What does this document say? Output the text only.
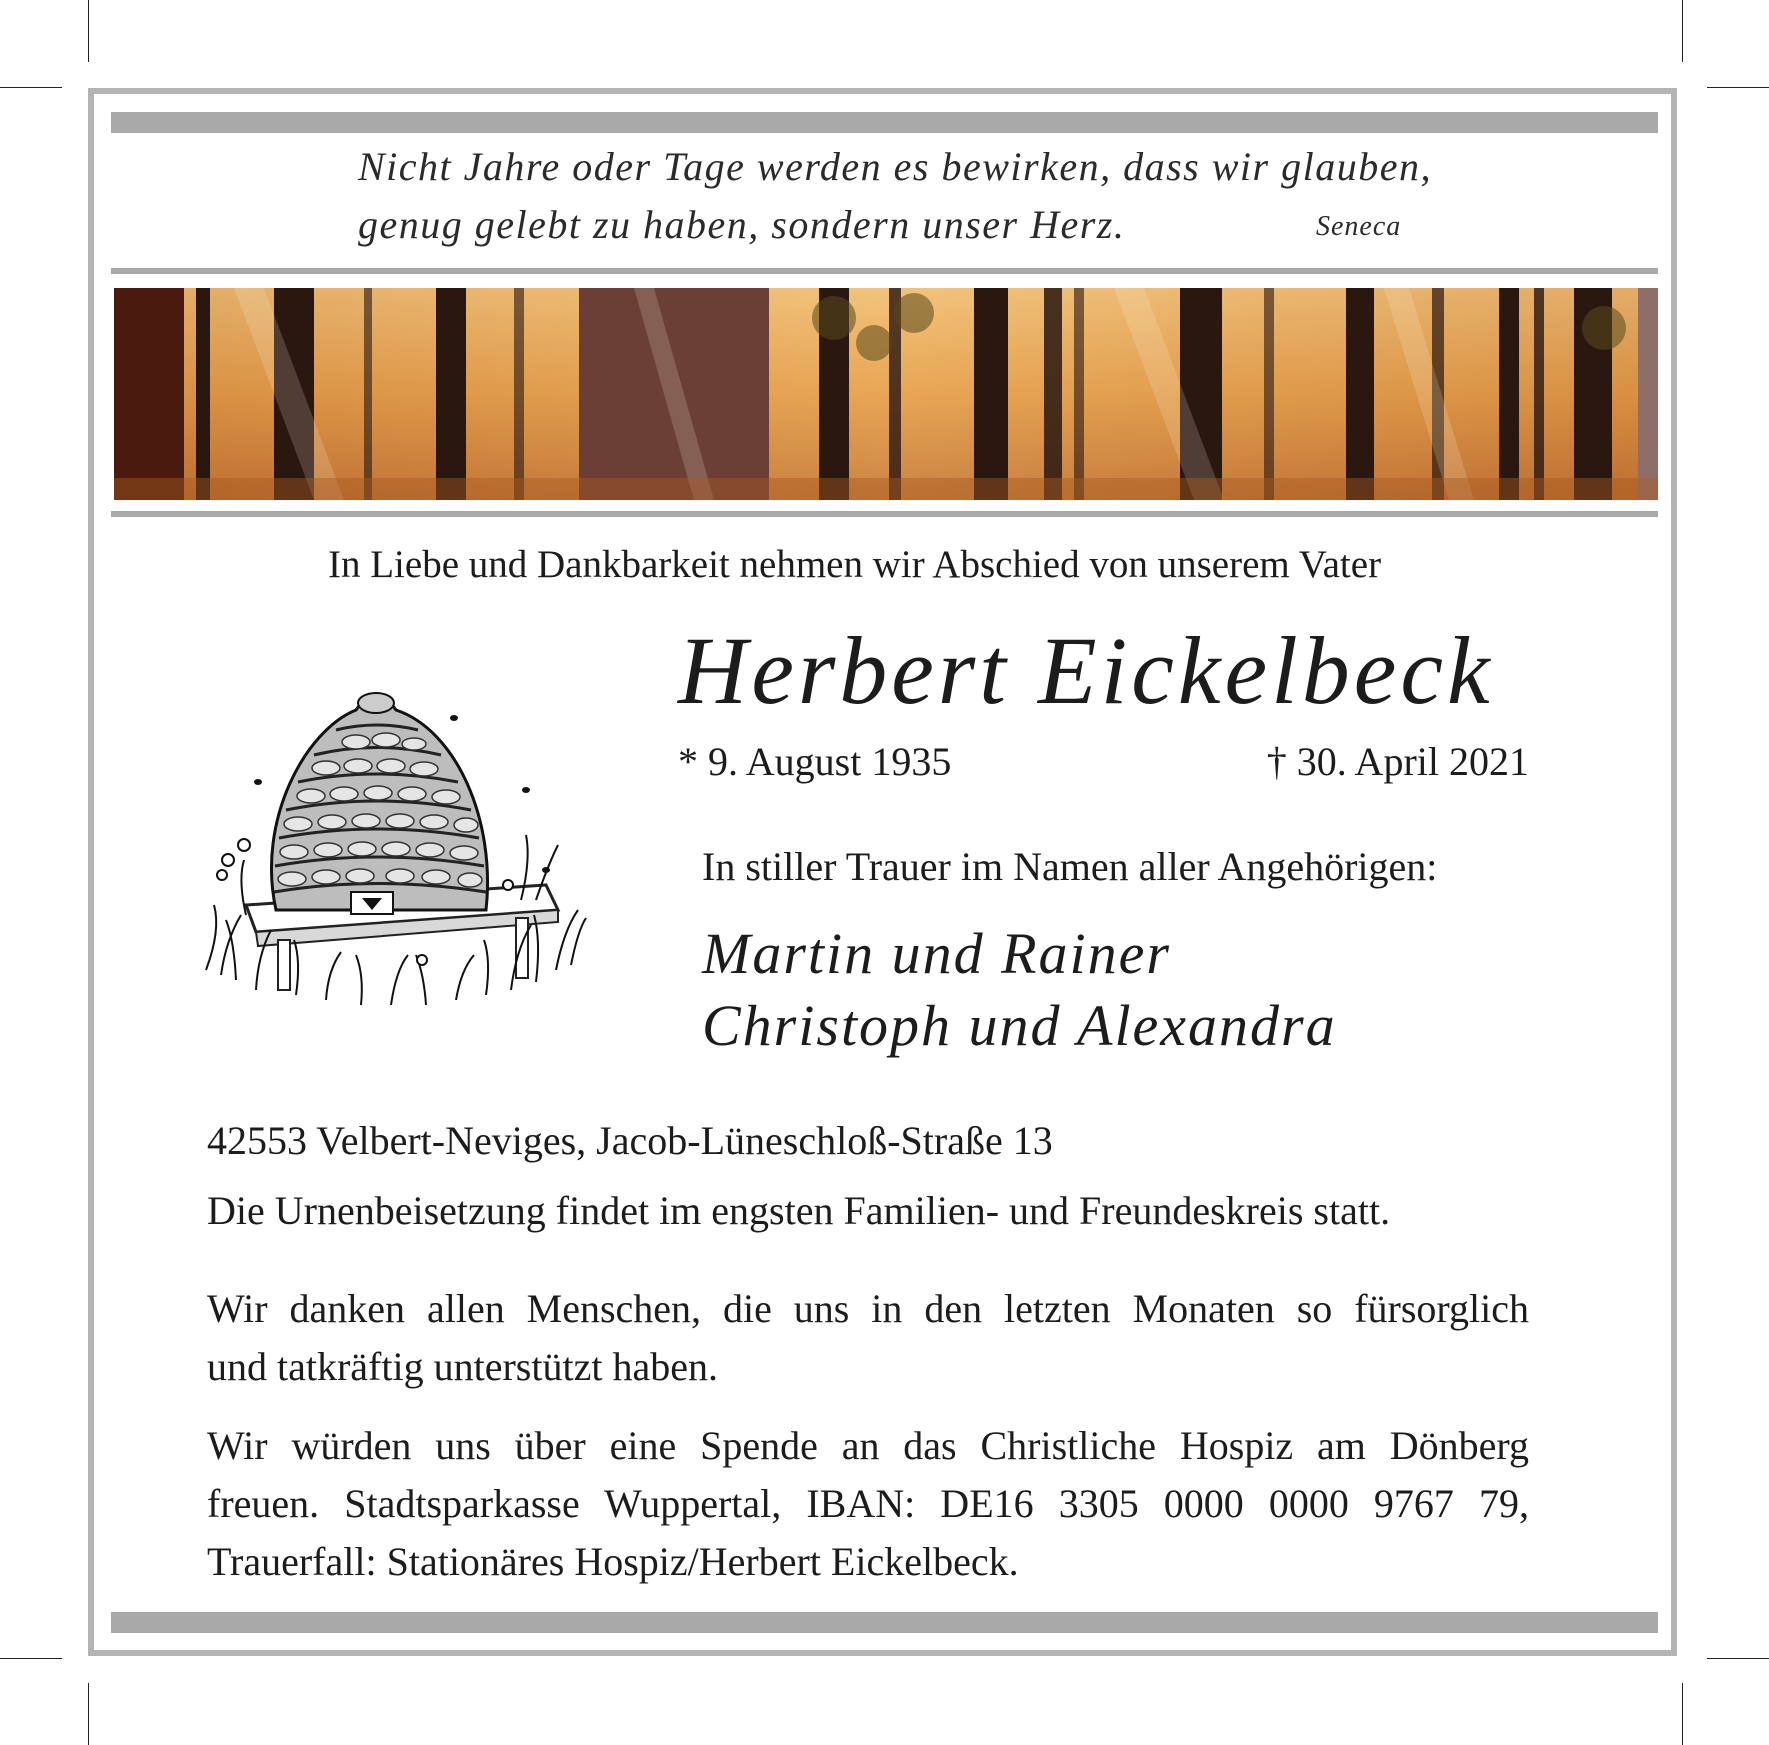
Nicht Jahre oder Tage werden es bewirken, dass wir glauben,
genug gelebt zu haben, sondern unser Herz.	Seneca
In Liebe und Dankbarkeit nehmen wir Abschied von unserem Vater
Herbert Eickelbeck
* 9. August 1935	† 30. April 2021
In stiller Trauer im Namen aller Angehörigen:
Martin und Rainer
Christoph und Alexandra
42553 Velbert-Neviges, Jacob-Lüneschloß-Straße 13
Die Urnenbeisetzung findet im engsten Familien- und Freundeskreis statt.
Wir danken allen Menschen, die uns in den letzten Monaten so fürsorglich
und tatkräftig unterstützt haben.
Wir würden uns über eine Spende an das Christliche Hospiz am Dönberg
freuen. Stadtsparkasse Wuppertal, IBAN: DE16 3305 0000 0000 9767 79,
Trauerfall: Stationäres Hospiz/Herbert Eickelbeck.
